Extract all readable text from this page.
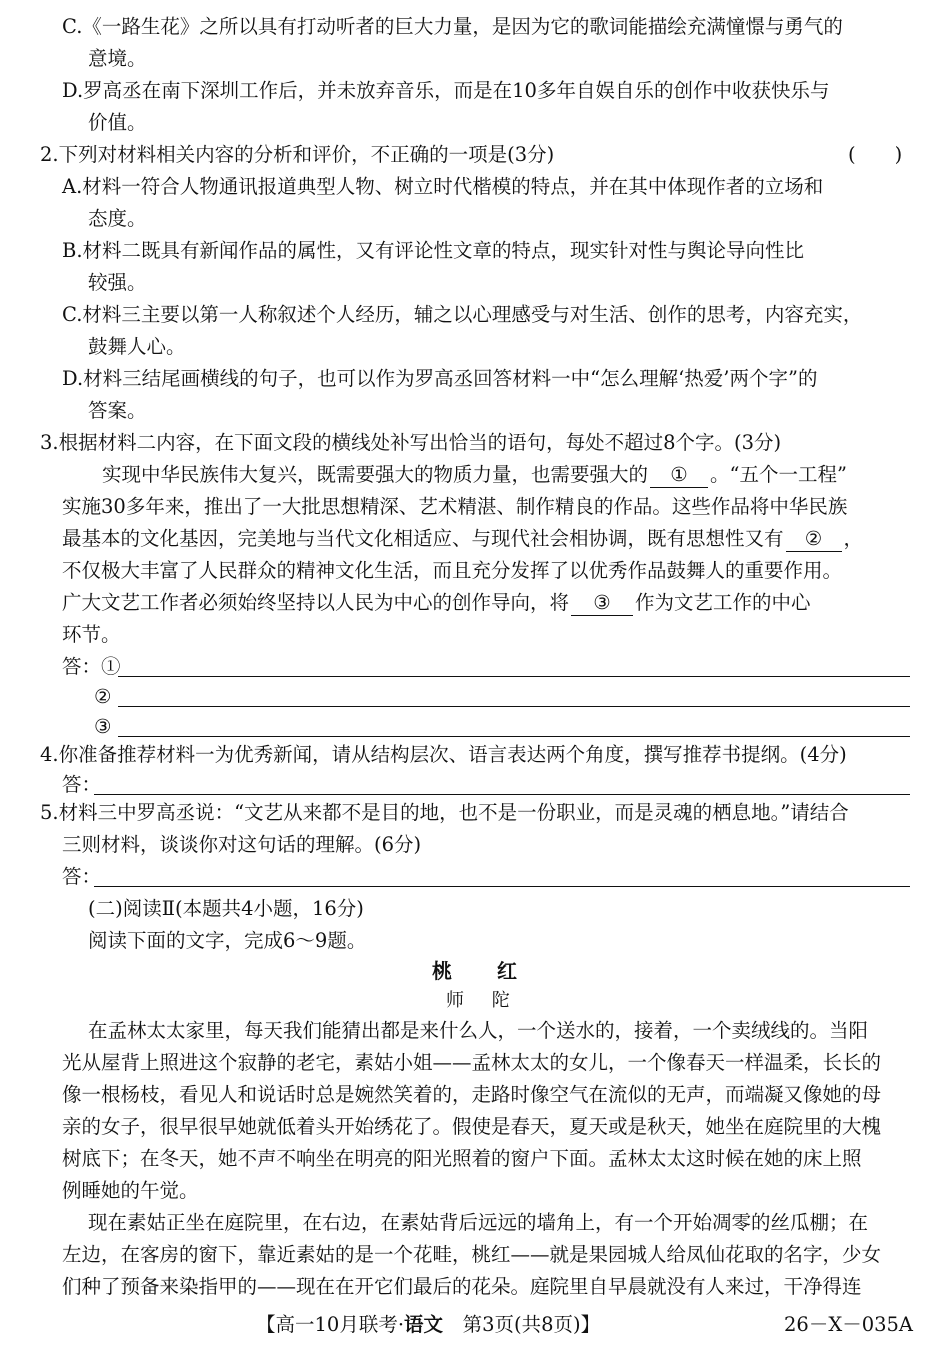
C.《一路生花》之所以具有打动听者的巨大力量，是因为它的歌词能描绘充满憧憬与勇气的
意境。
D.罗高丞在南下深圳工作后，并未放弃音乐，而是在10多年自娱自乐的创作中收获快乐与
价值。
2.下列对材料相关内容的分析和评价，不正确的一项是(3分)	(　　)
A.材料一符合人物通讯报道典型人物、树立时代楷模的特点，并在其中体现作者的立场和
态度。
B.材料二既具有新闻作品的属性，又有评论性文章的特点，现实针对性与舆论导向性比
较强。
C.材料三主要以第一人称叙述个人经历，辅之以心理感受与对生活、创作的思考，内容充实，
鼓舞人心。
D.材料三结尾画横线的句子，也可以作为罗高丞回答材料一中“怎么理解‘热爱’两个字”的
答案。
3.根据材料二内容，在下面文段的横线处补写出恰当的语句，每处不超过8个字。(3分)
实现中华民族伟大复兴，既需要强大的物质力量，也需要强大的 ① 。“五个一工程”
实施30多年来，推出了一大批思想精深、艺术精湛、制作精良的作品。这些作品将中华民族
最基本的文化基因，完美地与当代文化相适应、与现代社会相协调，既有思想性又有 ② ，
不仅极大丰富了人民群众的精神文化生活，而且充分发挥了以优秀作品鼓舞人的重要作用。
广大文艺工作者必须始终坚持以人民为中心的创作导向，将 ③ 作为文艺工作的中心
环节。
答：①
②
③
4.你准备推荐材料一为优秀新闻，请从结构层次、语言表达两个角度，撰写推荐书提纲。(4分)
答：
5.材料三中罗高丞说：“文艺从来都不是目的地，也不是一份职业，而是灵魂的栖息地。”请结合
三则材料，谈谈你对这句话的理解。(6分)
答：
(二)阅读Ⅱ(本题共4小题，16分)
阅读下面的文字，完成6～9题。
桃 红
师 陀
在孟林太太家里，每天我们能猜出都是来什么人，一个送水的，接着，一个卖绒线的。当阳
光从屋背上照进这个寂静的老宅，素姑小姐——孟林太太的女儿，一个像春天一样温柔，长长的
像一根杨枝，看见人和说话时总是婉然笑着的，走路时像空气在流似的无声，而端凝又像她的母
亲的女子，很早很早她就低着头开始绣花了。假使是春天，夏天或是秋天，她坐在庭院里的大槐
树底下；在冬天，她不声不响坐在明亮的阳光照着的窗户下面。孟林太太这时候在她的床上照
例睡她的午觉。
现在素姑正坐在庭院里，在右边，在素姑背后远远的墙角上，有一个开始凋零的丝瓜棚；在
左边，在客房的窗下，靠近素姑的是一个花畦，桃红——就是果园城人给凤仙花取的名字，少女
们种了预备来染指甲的——现在在开它们最后的花朵。庭院里自早晨就没有人来过，干净得连
【高一10月联考·语文　 第3页(共8页)】	26－X－035A
